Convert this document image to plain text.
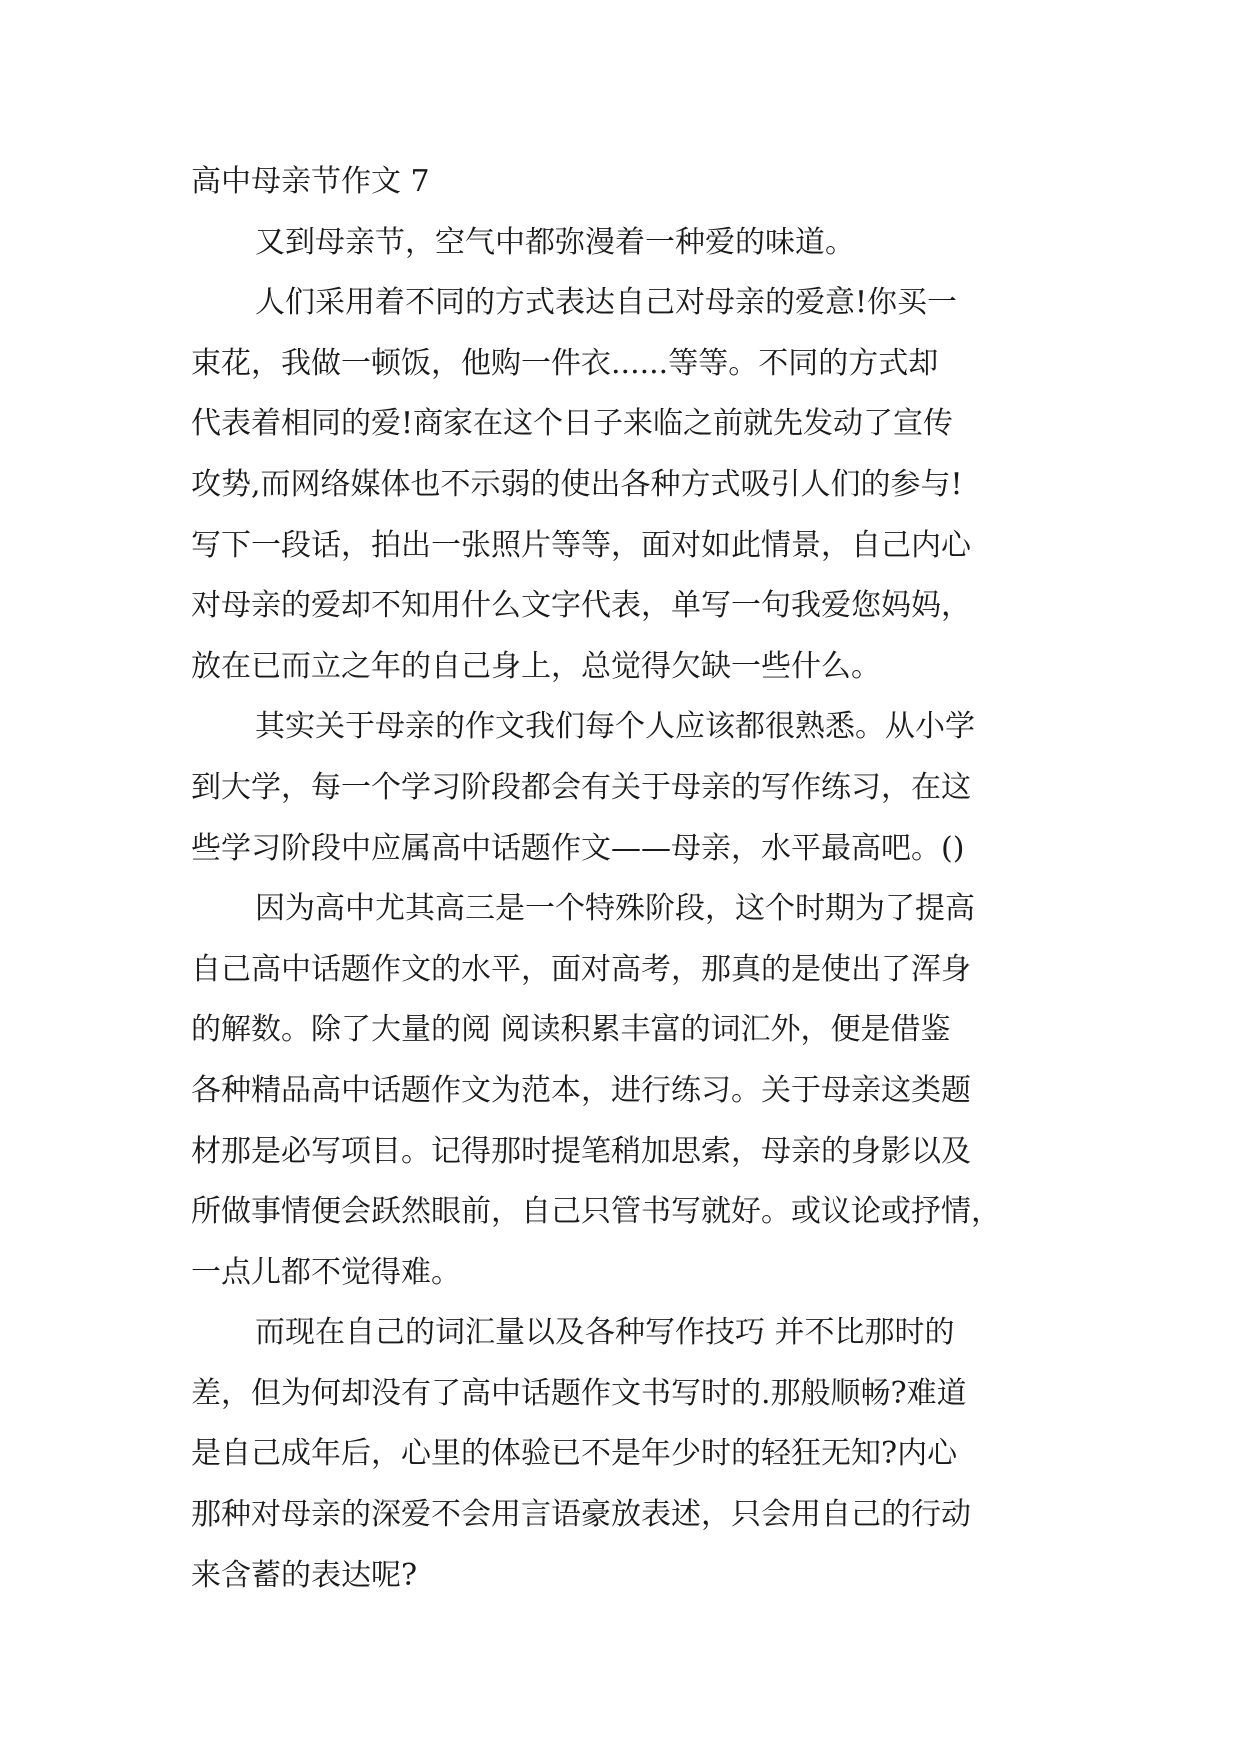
高中母亲节作文 7
又到母亲节，空气中都弥漫着一种爱的味道。
人们采用着不同的方式表达自己对母亲的爱意!你买一
束花，我做一顿饭，他购一件衣......等等。不同的方式却
代表着相同的爱!商家在这个日子来临之前就先发动了宣传
攻势,而网络媒体也不示弱的使出各种方式吸引人们的参与!
写下一段话，拍出一张照片等等，面对如此情景，自己内心
对母亲的爱却不知用什么文字代表，单写一句我爱您妈妈，
放在已而立之年的自己身上，总觉得欠缺一些什么。
其实关于母亲的作文我们每个人应该都很熟悉。从小学
到大学，每一个学习阶段都会有关于母亲的写作练习，在这
些学习阶段中应属高中话题作文——母亲，水平最高吧。()
因为高中尤其高三是一个特殊阶段，这个时期为了提高
自己高中话题作文的水平，面对高考，那真的是使出了浑身
的解数。除了大量的阅 阅读积累丰富的词汇外，便是借鉴
各种精品高中话题作文为范本，进行练习。关于母亲这类题
材那是必写项目。记得那时提笔稍加思索，母亲的身影以及
所做事情便会跃然眼前，自己只管书写就好。或议论或抒情，
一点儿都不觉得难。
而现在自己的词汇量以及各种写作技巧 并不比那时的
差，但为何却没有了高中话题作文书写时的.那般顺畅?难道
是自己成年后，心里的体验已不是年少时的轻狂无知?内心
那种对母亲的深爱不会用言语豪放表述，只会用自己的行动
来含蓄的表达呢?
